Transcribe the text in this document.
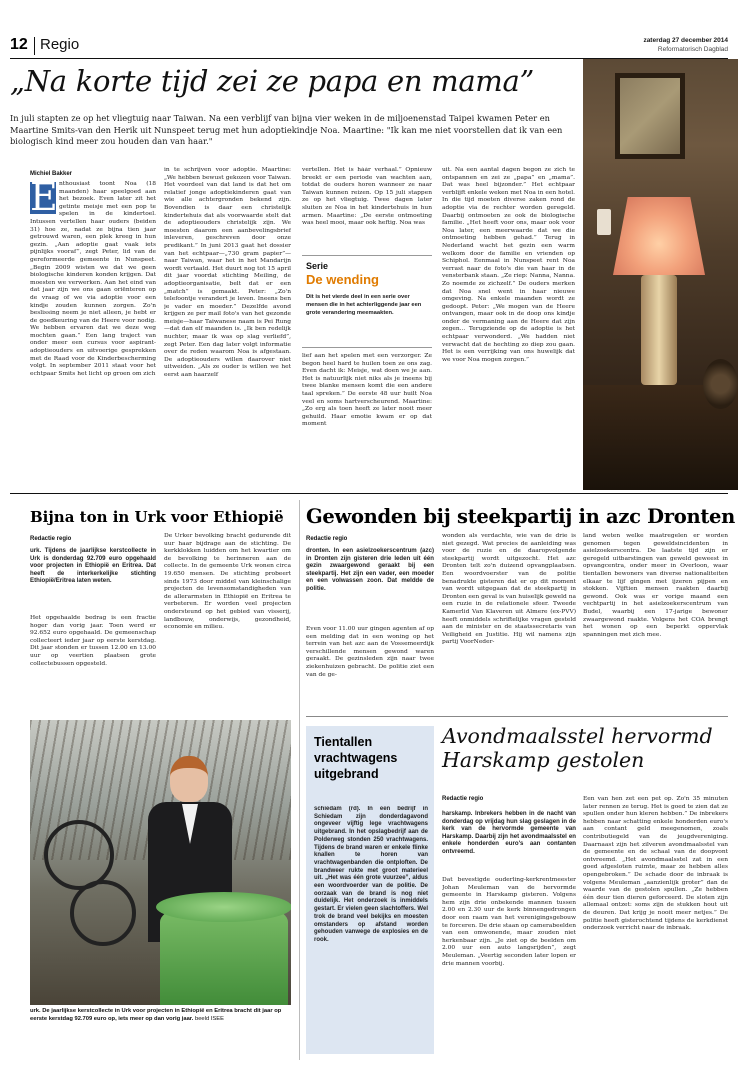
12 Regio	zaterdag 27 december 2014
Reformatorisch Dagblad
„Na korte tijd zei ze papa en mama”
In juli stapten ze op het vliegtuig naar Taiwan. Na een verblijf van bijna vier weken in de miljoenenstad Taipei kwamen Peter en Maartine Smits-van den Herik uit Nunspeet terug met hun adoptiekindje Noa. Maartine: "Ik kan me niet voorstellen dat ik van een biologisch kind meer zou houden dan van haar."
Michiel Bakker
E nthousiast toont Noa (18 maanden) haar speelgoed aan het bezoek. Even later zit het getinte meisje met een pop te spelen in de kindertoel. Intussen vertellen haar ouders (beiden 31) hoe ze, nadat ze bijna tien jaar getrouwd waren, een plek kreeg in hun gezin. „Aan adoptie gaat vaak iets pijnlijks vooraf”, zegt Peter, lid van de gereformeerde gemeente in Nunspeet. „Begin 2009 wisten we dat we geen biologische kinderen konden krijgen. Dat moesten we verwerken. Aan het eind van dat jaar zijn we ons gaan oriënteren op de vraag of we via adoptie voor een kindje zouden kunnen zorgen. Zo'n beslissing neem je niet alleen, je hebt er de goedkeuring van de Heere voor nodig. We hebben ervaren dat we deze weg mochten gaan.” Een lang traject van onder meer een cursus voor aspirant-adoptieouders en uitvoerige gesprekken met de Raad voor de Kinderbescherming volgt. In september 2011 staat voor het echtpaar Smits het licht op groen om zich
in te schrijven voor adoptie. Maartine: „We hebben bewust gekozen voor Taiwan. Het voordeel van dat land is dat het om relatief jonge adoptiekinderen gaat van wie alle achtergronden bekend zijn. Bovendien is daar een christelijk kindertehuis dat als voorwaarde stelt dat de adoptieouders christelijk zijn. We moesten daarom een aanbevelingsbrief inleveren, geschreven door onze predikant.” In juni 2013 gaat het dossier van het echtpaar—„730 gram papier”—naar Taiwan, waar het in het Mandarijn wordt vertaald. Het duurt nog tot 15 april dit jaar voordat stichting Meiling, de adoptieorganisatie, belt dat er een „match” is gemaakt. Peter: „Zo'n telefoontje verandert je leven. Ineens ben je vader en moeder.” Dezelfde avond krijgen ze per mail foto's van het gezonde meisje—haar Taiwanese naam is Pei Rung—dat dan elf maanden is. „Ik ben redelijk nuchter, maar ik was op slag verliefd”, zegt Peter. Een dag later volgt informatie over de reden waarom Noa is afgestaan. De adoptieouders willen daarover niet uitweiden. „Als ze ouder is willen we het eerst aan haarzelf
vertellen. Het is háár verhaal.” Opnieuw breekt er een periode van wachten aan, totdat de ouders horen wanneer ze naar Taiwan kunnen reizen. Op 15 juli stappen ze op het vliegtuig. Twee dagen later sluiten ze Noa in het kindertehuis in hun armen. Maartine: „De eerste ontmoeting was heel mooi, maar ook heftig. Noa was
Serie
De wending
Dit is het vierde deel in een serie over mensen die in het achterliggende jaar een grote verandering meemaakten.
lief aan het spelen met een verzorger. Ze begon heel hard te huilen toen ze ons zag. Even dacht ik: Meisje, wat doen we je aan. Het is natuurlijk niet niks als je ineens bij twee blanke mensen komt die een andere taal spreken.” De eerste 48 uur huilt Noa veel en soms hartverscheurend. Maartine: „Zo erg als toen heeft ze later nooit meer gehuild. Haar emotie kwam er op dat moment
uit. Na een aantal dagen begon ze zich te ontspannen en zei ze „papa” en „mama”. Dat was heel bijzonder.” Het echtpaar verblijft enkele weken met Noa in een hotel. In die tijd moeten diverse zaken rond de adoptie via de rechter worden geregeld. Daarbij ontmoeten ze ook de biologische familie. „Het heeft voor ons, maar ook voor Noa later, een meerwaarde dat we die ontmoeting hebben gehad.” Terug in Nederland wacht het gezin een warm welkom door de familie en vrienden op Schiphol. Eenmaal in Nunspeet rent Noa verrast naar de foto's die van haar in de vensterbank staan. „Ze riep: Nanna, Nanna. Zo noemde ze zichzelf.” De ouders merken dat Noa snel went in haar nieuwe omgeving. Na enkele maanden wordt ze gedoopt. Peter: „We mogen van de Heere ontvangen, maar ook in de doop ons kindje onder de vermaning aan de Heere dat zijn zegen... Terugziende op de adoptie is het echtpaar verwonderd. „We hadden niet verwacht dat de hechting zo diep zou gaan. Het is een verrijking van ons huwelijk dat we voor Noa mogen zorgen.”
Bijna ton in Urk voor Ethiopië
Redactie regio
urk. Tijdens de jaarlijkse kerstcollecte in Urk is donderdag 92.709 euro opgehaald voor projecten in Ethiopië en Eritrea. Dat heeft de interkerkelijke stichting Ethiopië/Eritrea laten weten.
Het opgehaalde bedrag is een fractie hoger dan vorig jaar. Toen werd er 92.652 euro opgehaald. De gemeenschap collecteert ieder jaar op eerste kerstdag. Dit jaar stonden er tussen 12.00 en 13.00 uur op veertien plaatsen grote collectebussen opgesteld.
De Urker bevolking bracht gedurende dit uur haar bijdrage aan de stichting. De kerkklokken luidden om het kwartier om de bevolking te herinneren aan de collecte. In de gemeente Urk wonen circa 19.650 mensen. De stichting probeert sinds 1973 door middel van kleinschalige projecten de levensomstandigheden van de allerarmsten in Ethiopië en Eritrea te verbeteren. Er worden veel projecten ondersteund op het gebied van visserij, landbouw, onderwijs, gezondheid, economie en milieu.
urk. De jaarlijkse kerstcollecte in Urk voor projecten in Ethiopië en Eritrea bracht dit jaar op eerste kerstdag 92.709 euro op, iets meer op dan vorig jaar. beeld ISEE
Gewonden bij steekpartij in azc Dronten
Redactie regio
dronten. In een asielzoekerscentrum (azc) in Dronten zijn gisteren drie leden uit één gezin zwaargewond geraakt bij een steekpartij. Het zijn een vader, een moeder en een volwassen zoon. Dat meldde de politie.
Even voor 11.00 uur gingen agenten af op een melding dat in een woning op het terrein van het azc aan de Vossemeerdijk verschillende mensen gewond waren geraakt. De gezinsleden zijn naar twee ziekenhuizen gebracht. De politie ziet een van de ge-
wonden als verdachte, wie van de drie is niet gezegd. Wat precies de aanleiding was voor de ruzie en de daaropvolgende steekpartij wordt uitgezocht. Het azc Dronten telt zo'n duizend opvangplaatsen. Een woordvoerster van de politie benadrukte gisteren dat er op dit moment van wordt uitgegaan dat de steekpartij in Dronten een geval is van huiselijk geweld na een ruzie in de relationele sfeer. Tweede Kamerlid Van Klaveren uit Almere (ex-PVV) heeft onmiddels schriftelijke vragen gesteld aan de minister en de staatssecretaris van Veiligheid en Justitie. Hij wil namens zijn partij VoorNeder-
land weten welke maatregelen er worden genomen tegen geweldsincidenten in asielzoekerscentra. De laatste tijd zijn er geregeld uitbarstingen van geweld geweest in opvangcentra, onder meer in Overloon, waar tientallen bewoners van diverse nationaliteiten elkaar te lijf gingen met ijzeren pijpen en stokken. Vijftien mensen raakten daarbij gewond. Ook was er vorige maand een vechtpartij in het asielzoekerscentrum van Budel, waarbij een 17-jarige bewoner zwaargewond raakte. Volgens het COA brengt het wonen op een beperkt oppervlak spanningen met zich mee.
Tientallen vrachtwagens uitgebrand
schiedam (rd). In een bedrijf in Schiedam zijn donderdagavond ongeveer vijftig lege vrachtwagens uitgebrand. In het opslagbedrijf aan de Polderweg stonden 250 vrachtwagens. Tijdens de brand waren er enkele flinke knallen te horen van vrachtwagenbanden die ontploften. De brandweer rukte met groot materieel uit. „Het was één grote vuurzee”, aldus een woordvoerder van de politie. De oorzaak van de brand is nog niet duidelijk. Het onderzoek is inmiddels gestart. Er vielen geen slachtoffers. Wel trok de brand veel bekijks en moesten omstanders op afstand worden gehouden vanwege de explosies en de rook.
Avondmaalsstel hervormd Harskamp gestolen
Redactie regio
harskamp. Inbrekers hebben in de nacht van donderdag op vrijdag hun slag geslagen in de kerk van de hervormde gemeente van Harskamp. Daarbij zijn het avondmaalsstel en enkele honderden euro's aan contanten ontvreemd.
Dat bevestigde ouderling-kerkrentmeester Johan Meuleman van de hervormde gemeente in Harskamp gisteren. Volgens hem zijn drie onbekende mannen tussen 2.00 en 2.30 uur de kerk binnengedrongen door een raam van het verenigingsgebouw te forceren. De drie staan op camerabeelden van een omwonende, maar zouden niet herkenbaar zijn. „Je ziet op de beelden om 2.00 uur een auto langsrijden”, zegt Meuleman. „Veertig seconden later lopen er drie mannen voorbij.
Een van hen zet een pet op. Zo'n 35 minuten later rennen ze terug. Het is goed te zien dat ze spullen onder hun kleren hebben.” De inbrekers hebben naar schatting enkele honderden euro's aan contant geld meegenomen, zoals contributiegeld van de jeugdvereniging. Daarnaast zijn het zilveren avondmaalsstel van de gemeente en de schaal van de doopvont ontvreemd. „Het avondmaalsstel zat in een goed afgesloten ruimte, maar ze hebben alles opengebroken.” De schade door de inbraak is volgens Meuleman „aanzienlijk groter” dan de waarde van de gestolen spullen. „Ze hebben één deur tien dieren geforceerd. De sloten zijn allemaal ontzet: soms zijn de stukken hout uit de deuren. Dat krijg je nooit meer netjes.” De politie heeft gisterochtend tijdens de kerkdienst onderzoek verricht naar de inbraak.
